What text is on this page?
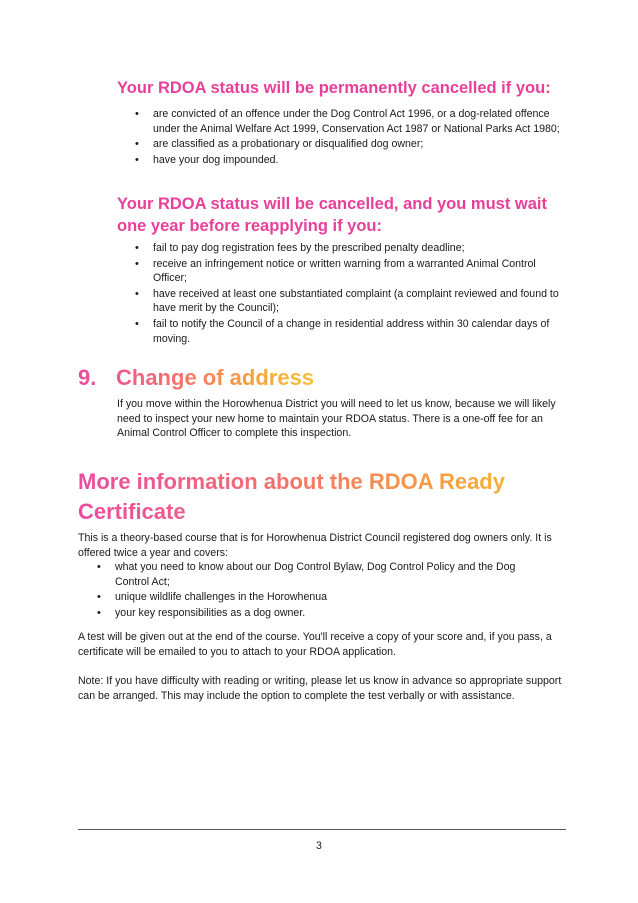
Your RDOA status will be permanently cancelled if you:
• are convicted of an offence under the Dog Control Act 1996, or a dog-related offence under the Animal Welfare Act 1999, Conservation Act 1987 or National Parks Act 1980;
• are classified as a probationary or disqualified dog owner;
• have your dog impounded.
Your RDOA status will be cancelled, and you must wait
one year before reapplying if you:
• fail to pay dog registration fees by the prescribed penalty deadline;
• receive an infringement notice or written warning from a warranted Animal Control Officer;
• have received at least one substantiated complaint (a complaint reviewed and found to have merit by the Council);
• fail to notify the Council of a change in residential address within 30 calendar days of moving.
9. Change of address

If you move within the Horowhenua District you will need to let us know, because we will likely need to inspect your new home to maintain your RDOA status. There is a one-off fee for an Animal Control Officer to complete this inspection.

More information about the RDOA Ready
Certificate

This is a theory-based course that is for Horowhenua District Council registered dog owners only. It is offered twice a year and covers:

• what you need to know about our Dog Control Bylaw, Dog Control Policy and the Dog Control Act;
• unique wildlife challenges in the Horowhenua
• your key responsibilities as a dog owner.

A test will be given out at the end of the course. You'll receive a copy of your score and, if you pass, a certificate will be emailed to you to attach to your RDOA application.

Note: If you have difficulty with reading or writing, please let us know in advance so appropriate support can be arranged. This may include the option to complete the test verbally or with assistance.

3
